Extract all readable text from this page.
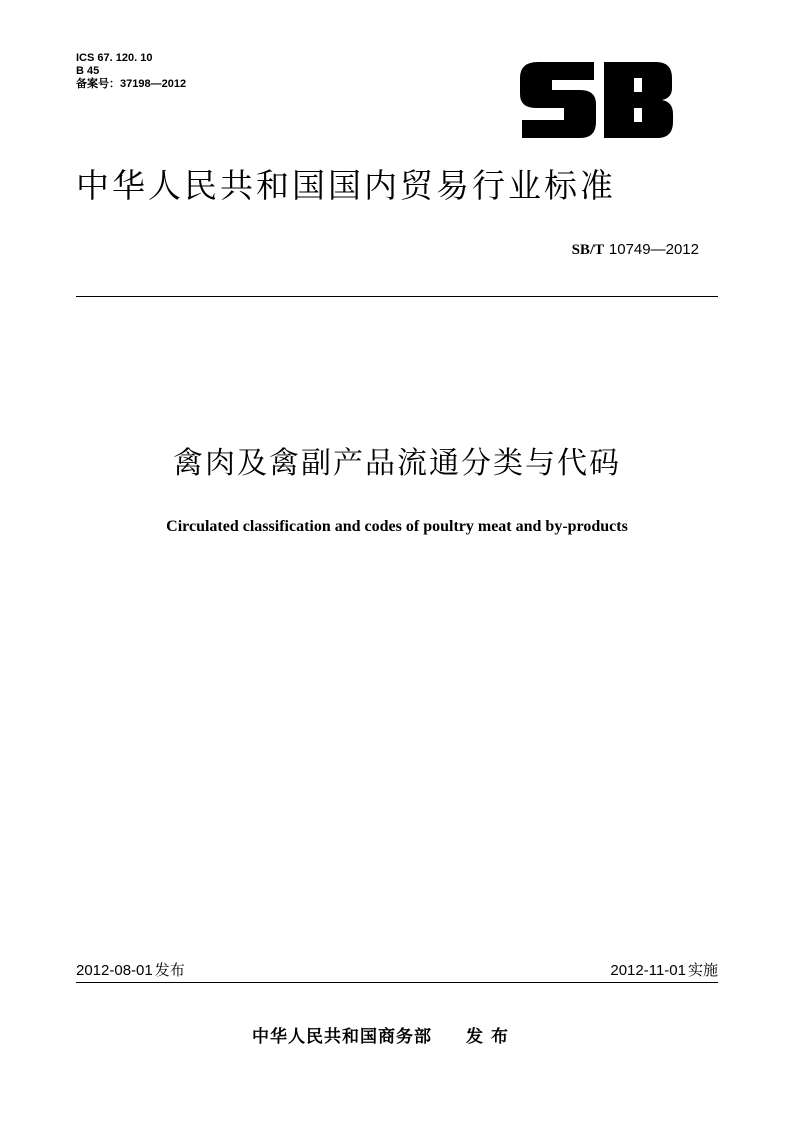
ICS 67. 120. 10
B 45
备案号：37198—2012
中华人民共和国国内贸易行业标准
SB/T 10749—2012
禽肉及禽副产品流通分类与代码
Circulated classification and codes of poultry meat and by-products
2012-08-01 发布	2012-11-01 实施
中华人民共和国商务部 发布
